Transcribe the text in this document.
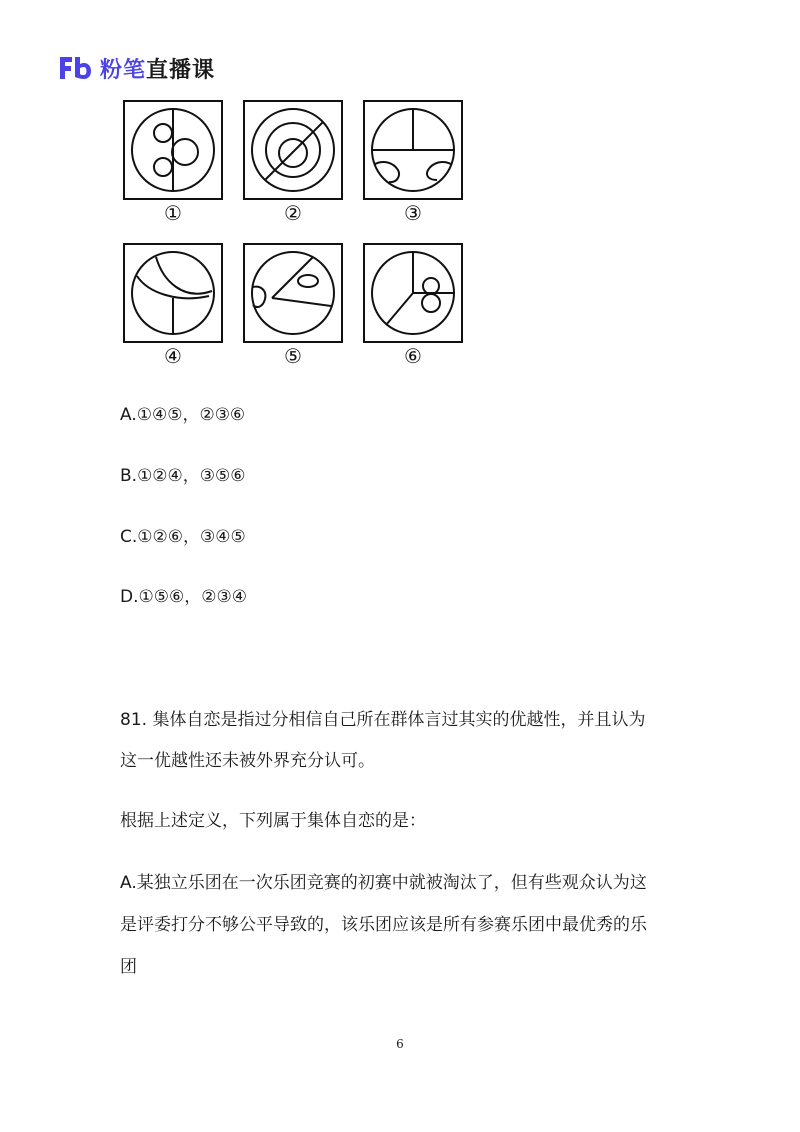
粉笔直播课
①	②	③
④	⑤	⑥
A.①④⑤，②③⑥
B.①②④，③⑤⑥
C.①②⑥，③④⑤
D.①⑤⑥，②③④
81. 集体自恋是指过分相信自己所在群体言过其实的优越性，并且认为
这一优越性还未被外界充分认可。
根据上述定义，下列属于集体自恋的是：
A.某独立乐团在一次乐团竞赛的初赛中就被淘汰了，但有些观众认为这
是评委打分不够公平导致的，该乐团应该是所有参赛乐团中最优秀的乐
团
6
